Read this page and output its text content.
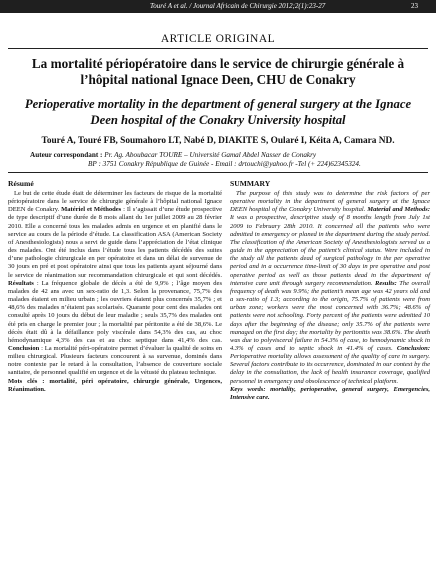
Touré A et al. / Journal Africain de Chirurgie 2012;2(1):23-27	23
ARTICLE ORIGINAL
La mortalité périopératoire dans le service de chirurgie générale à l’hôpital national Ignace Deen, CHU de Conakry
Perioperative mortality in the department of general surgery at the Ignace Deen hospital of the Conakry University hospital
Touré A, Touré FB, Soumahoro LT, Nabé D, DIAKITE S, Oularé I, Kéita A, Camara ND.
Auteur correspondant : Pr. Ag. Aboubacar TOURE – Université Gamal Abdel Nasser de Conakry
BP : 3751 Conakry République de Guinée - Email : drtouchi@yahoo.fr -Tel (+ 224)62345324.
Résumé	SUMMARY

Le but de cette étude était de déterminer les facteurs de risque de la mortalité périopératoire dans le service de chirurgie générale à l’hôpital national Ignace DEEN de Conakry. Matériel et Méthodes : Il s’agissait d’une étude prospective de type descriptif d’une durée de 8 mois allant du 1er juillet 2009 au 28 février 2010. Elle a concerné tous les malades admis en urgence et en planifié dans le service au cours de la période d’étude. La classification ASA (American Society of Anesthesiologists) nous a servi de guide dans l’appréciation de l’état clinique des malades. Ont été inclus dans l’étude tous les patients décédés des suites d’une pathologie chirurgicale en per opératoire et dans un délai de survenue de 30 jours en pré et post opératoire ainsi que tous les patients ayant séjourné dans le service de réanimation sur recommandation chirurgicale et qui sont décédés. Résultats : La fréquence globale de décès a été de 9,9% ; l’âge moyen des malades de 42 ans avec un sex-ratio de 1,3. Selon la provenance, 75,7% des malades étaient en milieu urbain ; les ouvriers étaient plus concernés 35,7% ; et 48,6% des malades n’étaient pas scolarisés. Quarante pour cent des malades ont consulté après 10 jours du début de leur maladie ; seuls 35,7% des malades ont été pris en charge le premier jour ; la mortalité par péritonite a été de 38,6%. Le décès était dû à la défaillance poly viscérale dans 54,3% des cas, au choc hémodynamique 4,3% des cas et au choc septique dans 41,4% des cas. Conclusion : La mortalité péri-opératoire permet d’évaluer la qualité de soins en milieu chirurgical. Plusieurs facteurs concourent à sa survenue, dominés dans notre contexte par le retard à la consultation, l’absence de couverture sociale sanitaire, de personnel qualifié en urgence et de la vétusté du plateau technique.

Mots clés : mortalité, péri opératoire, chirurgie générale, Urgences, Réanimation.

The purpose of this study was to determine the risk factors of per operative mortality in the department of general surgery at the Ignace DEEN hospital of the Conakry University hospital. Material and Methods: It was a prospective, descriptive study of 8 months length from July 1st 2009 to February 28th 2010. It concerned all the patients who were admitted in emergency or planed in the department during the study period. The classification of the American Society of Anesthesiologists served us a guide in the appreciation of the patient’s clinical status. Were included in the study all the patients dead of surgical pathology in the per operative period and in a occurrence time-limit of 30 days in pre operative and post operative period as well as those patients dead in the department of intensive care unit through surgery recommendation. Results: The overall frequency of death was 9.9%; the patient’s mean age was 42 years old and a sex-ratio of 1.3; according to the origin, 75.7% of patients were from urban zone; workers were the most concerned with 36.7%; 48.6% of patients were not schooling. Forty percent of the patients were admitted 10 days after the beginning of the disease; only 35.7% of the patients were managed on the first day; the mortality by peritonitis was 38.6%. The death was due to polyvisceral failure in 54.3% of case, to hemodynamic shock in 4.3% of cases and to septic shock in 41.4% of cases. Conclusion: Perioperative mortality allows assessment of the quality of care in surgery. Several factors contribute to its occurrence, dominated in our context by the delay in the consultation, the lack of health insurance coverage, qualified personnel in emergency and obsolescence of technical platform.

Keys words: mortality, perioperative, general surgery, Emergencies, Intensive care.
